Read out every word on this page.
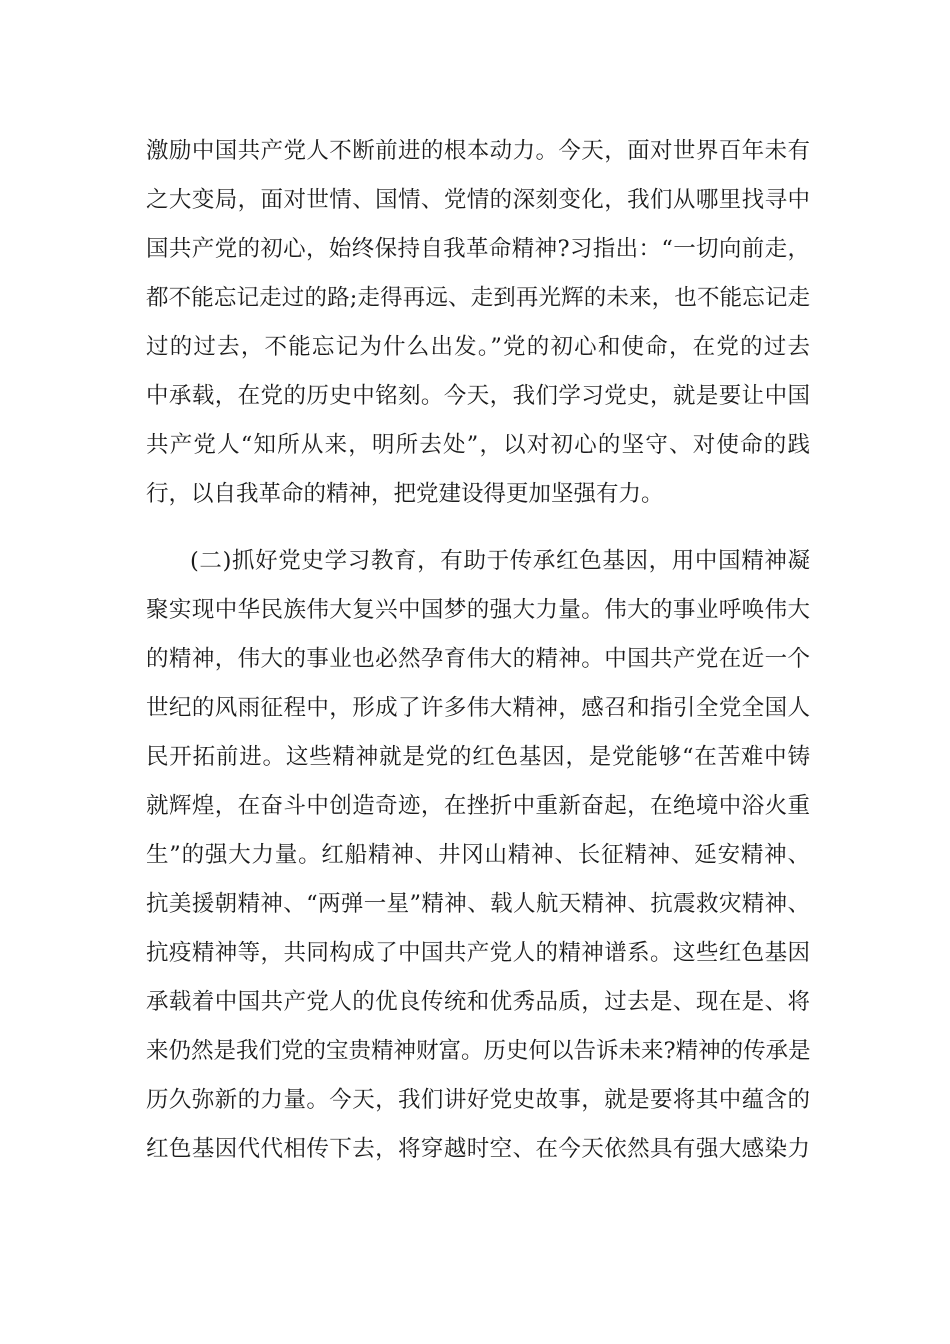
激励中国共产党人不断前进的根本动力。今天，面对世界百年未有
之大变局，面对世情、国情、党情的深刻变化，我们从哪里找寻中
国共产党的初心，始终保持自我革命精神?习指出：“一切向前走，
都不能忘记走过的路;走得再远、走到再光辉的未来，也不能忘记走
过的过去，不能忘记为什么出发。”党的初心和使命，在党的过去
中承载，在党的历史中铭刻。今天，我们学习党史，就是要让中国
共产党人“知所从来，明所去处”，以对初心的坚守、对使命的践
行，以自我革命的精神，把党建设得更加坚强有力。
(二)抓好党史学习教育，有助于传承红色基因，用中国精神凝
聚实现中华民族伟大复兴中国梦的强大力量。伟大的事业呼唤伟大
的精神，伟大的事业也必然孕育伟大的精神。中国共产党在近一个
世纪的风雨征程中，形成了许多伟大精神，感召和指引全党全国人
民开拓前进。这些精神就是党的红色基因，是党能够“在苦难中铸
就辉煌，在奋斗中创造奇迹，在挫折中重新奋起，在绝境中浴火重
生”的强大力量。红船精神、井冈山精神、长征精神、延安精神、
抗美援朝精神、“两弹一星”精神、载人航天精神、抗震救灾精神、
抗疫精神等，共同构成了中国共产党人的精神谱系。这些红色基因
承载着中国共产党人的优良传统和优秀品质，过去是、现在是、将
来仍然是我们党的宝贵精神财富。历史何以告诉未来?精神的传承是
历久弥新的力量。今天，我们讲好党史故事，就是要将其中蕴含的
红色基因代代相传下去，将穿越时空、在今天依然具有强大感染力
